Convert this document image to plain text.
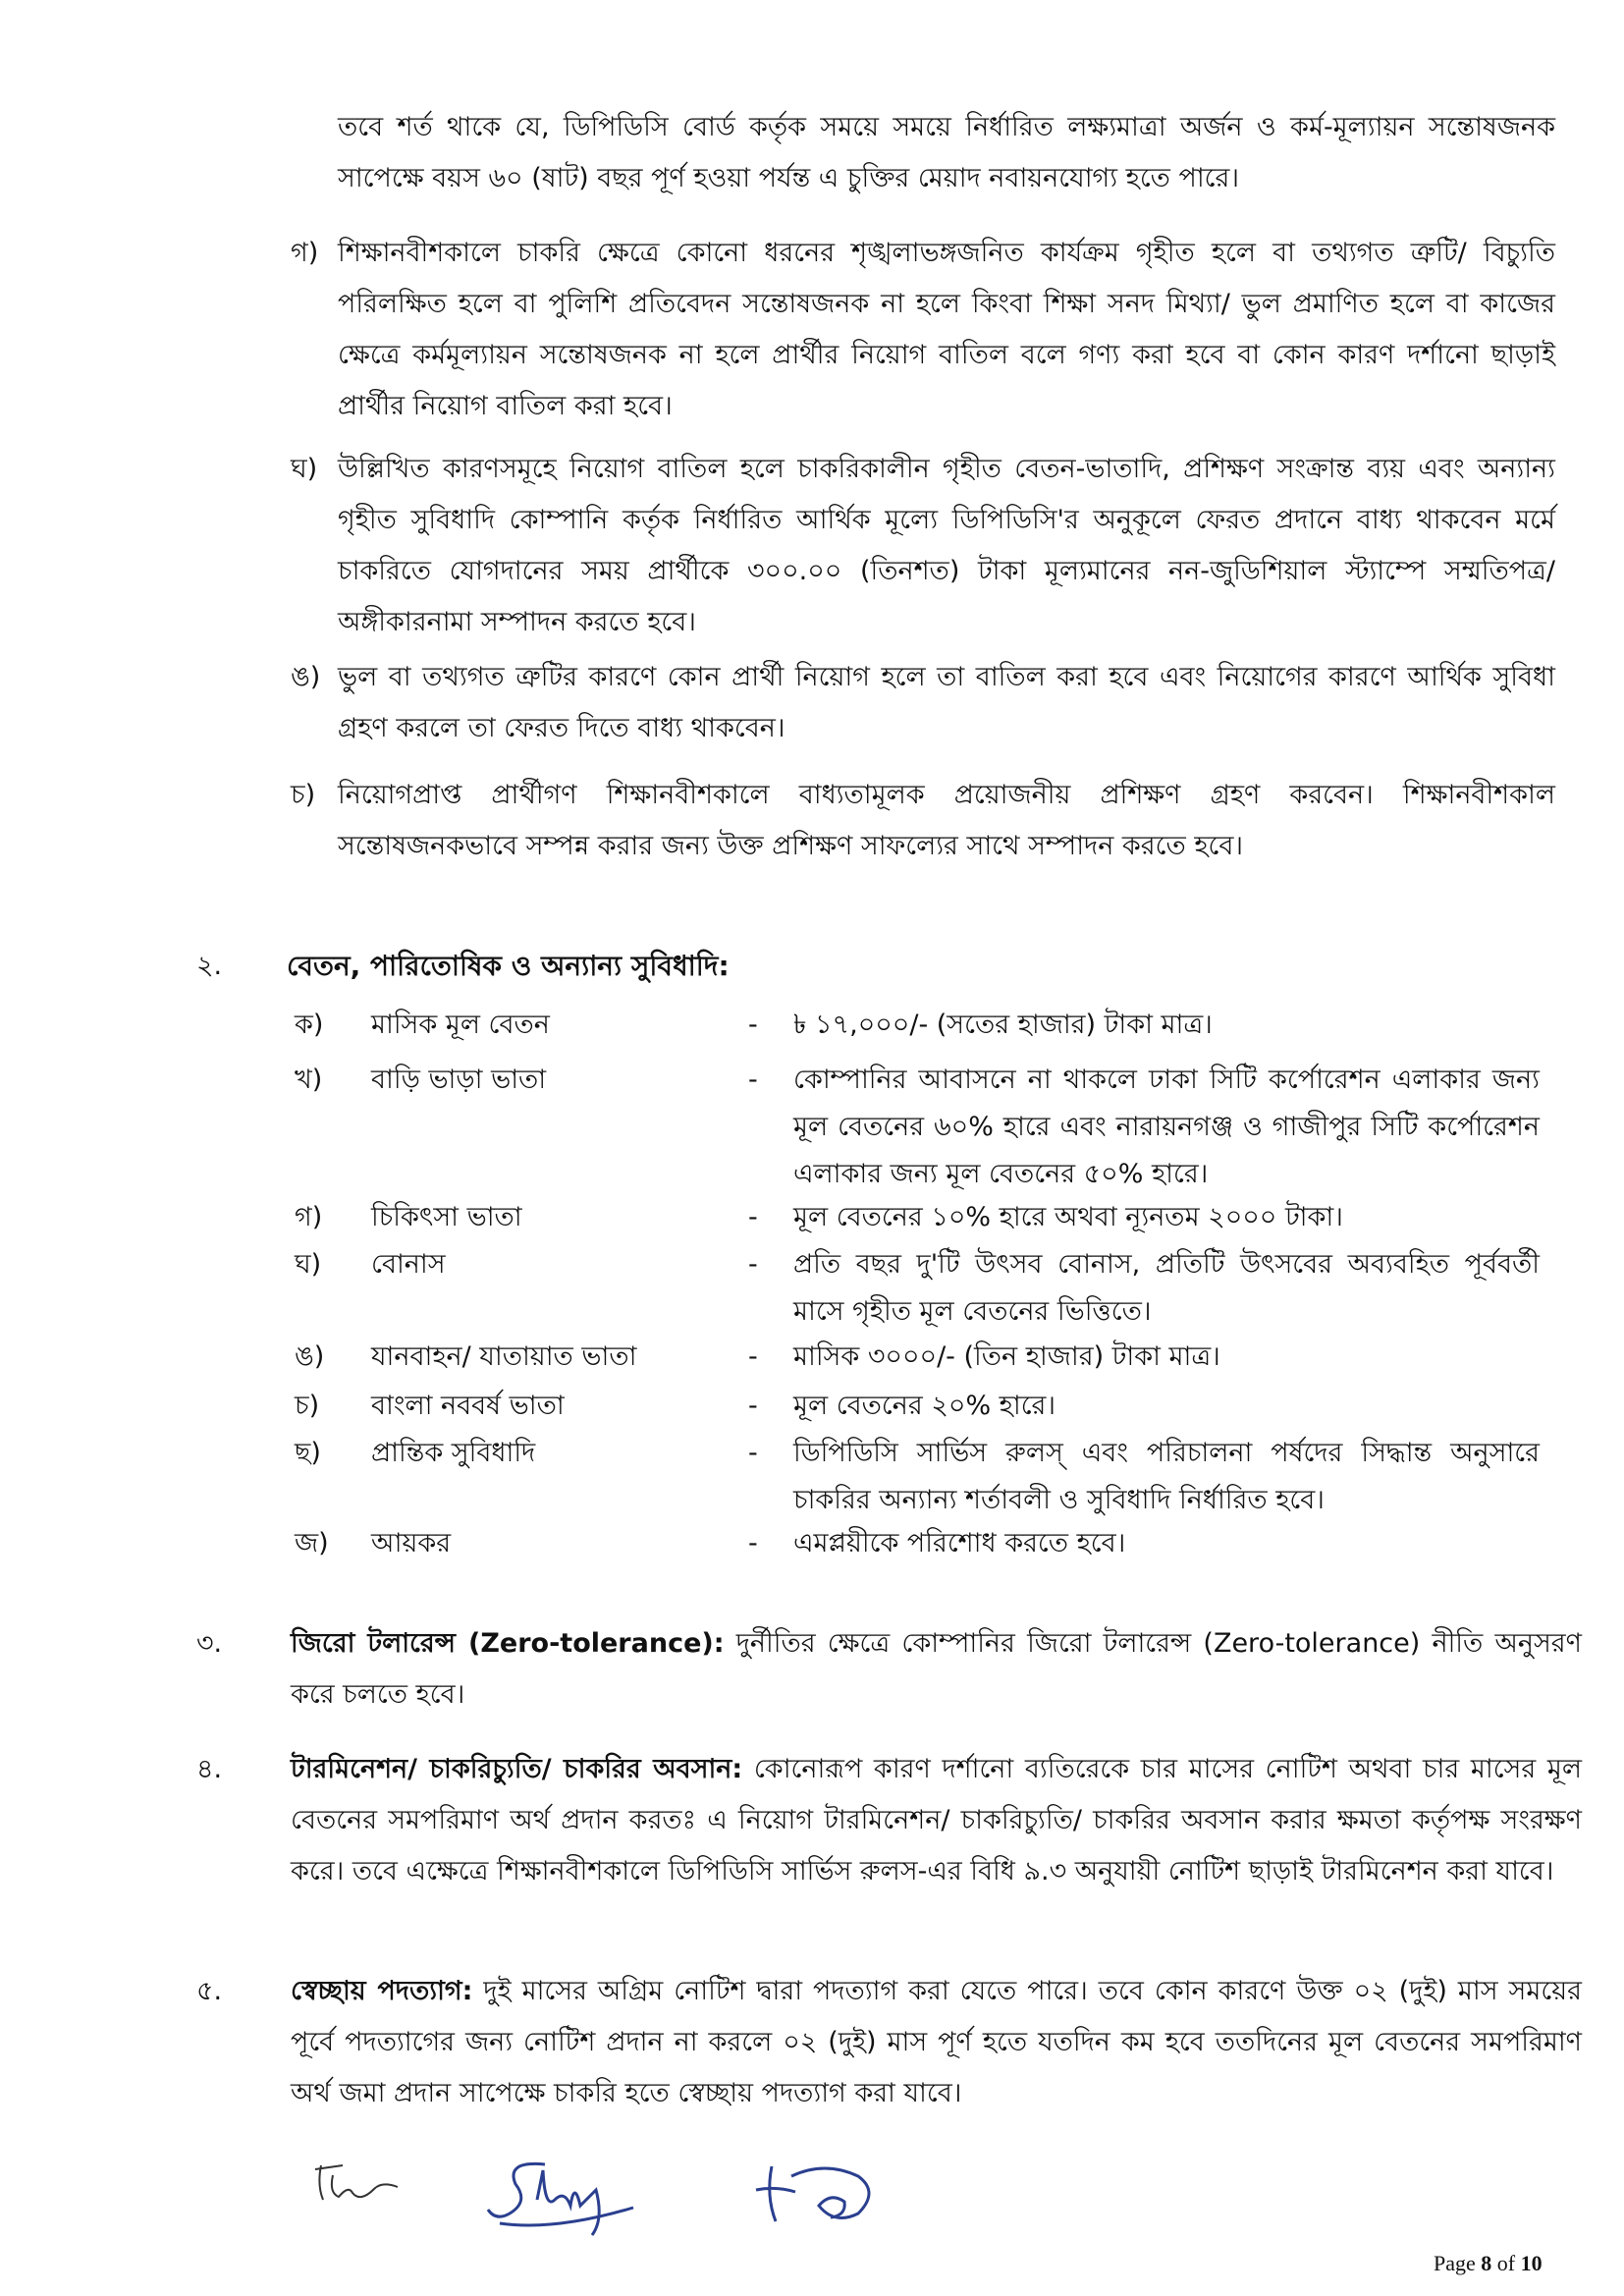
তবে শর্ত থাকে যে, ডিপিডিসি বোর্ড কর্তৃক সময়ে সময়ে নির্ধারিত লক্ষ্যমাত্রা অর্জন ও কর্ম-মূল্যায়ন সন্তোষজনক সাপেক্ষে বয়স ৬০ (ষাট) বছর পূর্ণ হওয়া পর্যন্ত এ চুক্তির মেয়াদ নবায়নযোগ্য হতে পারে।
গ) শিক্ষানবীশকালে চাকরি ক্ষেত্রে কোনো ধরনের শৃঙ্খলাভঙ্গজনিত কার্যক্রম গৃহীত হলে বা তথ্যগত ত্রুটি/ বিচ্যুতি পরিলক্ষিত হলে বা পুলিশি প্রতিবেদন সন্তোষজনক না হলে কিংবা শিক্ষা সনদ মিথ্যা/ ভুল প্রমাণিত হলে বা কাজের ক্ষেত্রে কর্মমূল্যায়ন সন্তোষজনক না হলে প্রার্থীর নিয়োগ বাতিল বলে গণ্য করা হবে বা কোন কারণ দর্শানো ছাড়াই প্রার্থীর নিয়োগ বাতিল করা হবে।
ঘ) উল্লিখিত কারণসমূহে নিয়োগ বাতিল হলে চাকরিকালীন গৃহীত বেতন-ভাতাদি, প্রশিক্ষণ সংক্রান্ত ব্যয় এবং অন্যান্য গৃহীত সুবিধাদি কোম্পানি কর্তৃক নির্ধারিত আর্থিক মূল্যে ডিপিডিসি'র অনুকূলে ফেরত প্রদানে বাধ্য থাকবেন মর্মে চাকরিতে যোগদানের সময় প্রার্থীকে ৩০০.০০ (তিনশত) টাকা মূল্যমানের নন-জুডিশিয়াল স্ট্যাম্পে সম্মতিপত্র/ অঙ্গীকারনামা সম্পাদন করতে হবে।
ঙ) ভুল বা তথ্যগত ত্রুটির কারণে কোন প্রার্থী নিয়োগ হলে তা বাতিল করা হবে এবং নিয়োগের কারণে আর্থিক সুবিধা গ্রহণ করলে তা ফেরত দিতে বাধ্য থাকবেন।
চ) নিয়োগপ্রাপ্ত প্রার্থীগণ শিক্ষানবীশকালে বাধ্যতামূলক প্রয়োজনীয় প্রশিক্ষণ গ্রহণ করবেন। শিক্ষানবীশকাল সন্তোষজনকভাবে সম্পন্ন করার জন্য উক্ত প্রশিক্ষণ সাফল্যের সাথে সম্পাদন করতে হবে।
২. বেতন, পারিতোষিক ও অন্যান্য সুবিধাদি:
ক) মাসিক মূল বেতন	- ৳ ১৭,০০০/- (সতের হাজার) টাকা মাত্র।
খ) বাড়ি ভাড়া ভাতা	- কোম্পানির আবাসনে না থাকলে ঢাকা সিটি কর্পোরেশন এলাকার জন্য মূল বেতনের ৬০% হারে এবং নারায়নগঞ্জ ও গাজীপুর সিটি কর্পোরেশন এলাকার জন্য মূল বেতনের ৫০% হারে।
গ) চিকিৎসা ভাতা	- মূল বেতনের ১০% হারে অথবা ন্যূনতম ২০০০ টাকা।
ঘ) বোনাস	- প্রতি বছর দু'টি উৎসব বোনাস, প্রতিটি উৎসবের অব্যবহিত পূর্ববর্তী মাসে গৃহীত মূল বেতনের ভিত্তিতে।
ঙ) যানবাহন/ যাতায়াত ভাতা	- মাসিক ৩০০০/- (তিন হাজার) টাকা মাত্র।
চ) বাংলা নববর্ষ ভাতা	- মূল বেতনের ২০% হারে।
ছ) প্রান্তিক সুবিধাদি	- ডিপিডিসি সার্ভিস রুলস্ এবং পরিচালনা পর্ষদের সিদ্ধান্ত অনুসারে চাকরির অন্যান্য শর্তাবলী ও সুবিধাদি নির্ধারিত হবে।
জ) আয়কর	- এমপ্লয়ীকে পরিশোধ করতে হবে।
৩.	জিরো টলারেন্স (Zero-tolerance): দুর্নীতির ক্ষেত্রে কোম্পানির জিরো টলারেন্স (Zero-tolerance) নীতি অনুসরণ করে চলতে হবে।
৪.	টারমিনেশন/ চাকরিচ্যুতি/ চাকরির অবসান: কোনোরূপ কারণ দর্শানো ব্যতিরেকে চার মাসের নোটিশ অথবা চার মাসের মূল বেতনের সমপরিমাণ অর্থ প্রদান করতঃ এ নিয়োগ টারমিনেশন/ চাকরিচ্যুতি/ চাকরির অবসান করার ক্ষমতা কর্তৃপক্ষ সংরক্ষণ করে। তবে এক্ষেত্রে শিক্ষানবীশকালে ডিপিডিসি সার্ভিস রুলস-এর বিধি ৯.৩ অনুযায়ী নোটিশ ছাড়াই টারমিনেশন করা যাবে।
৫.	স্বেচ্ছায় পদত্যাগ: দুই মাসের অগ্রিম নোটিশ দ্বারা পদত্যাগ করা যেতে পারে। তবে কোন কারণে উক্ত ০২ (দুই) মাস সময়ের পূর্বে পদত্যাগের জন্য নোটিশ প্রদান না করলে ০২ (দুই) মাস পূর্ণ হতে যতদিন কম হবে ততদিনের মূল বেতনের সমপরিমাণ অর্থ জমা প্রদান সাপেক্ষে চাকরি হতে স্বেচ্ছায় পদত্যাগ করা যাবে।
Page 8 of 10
